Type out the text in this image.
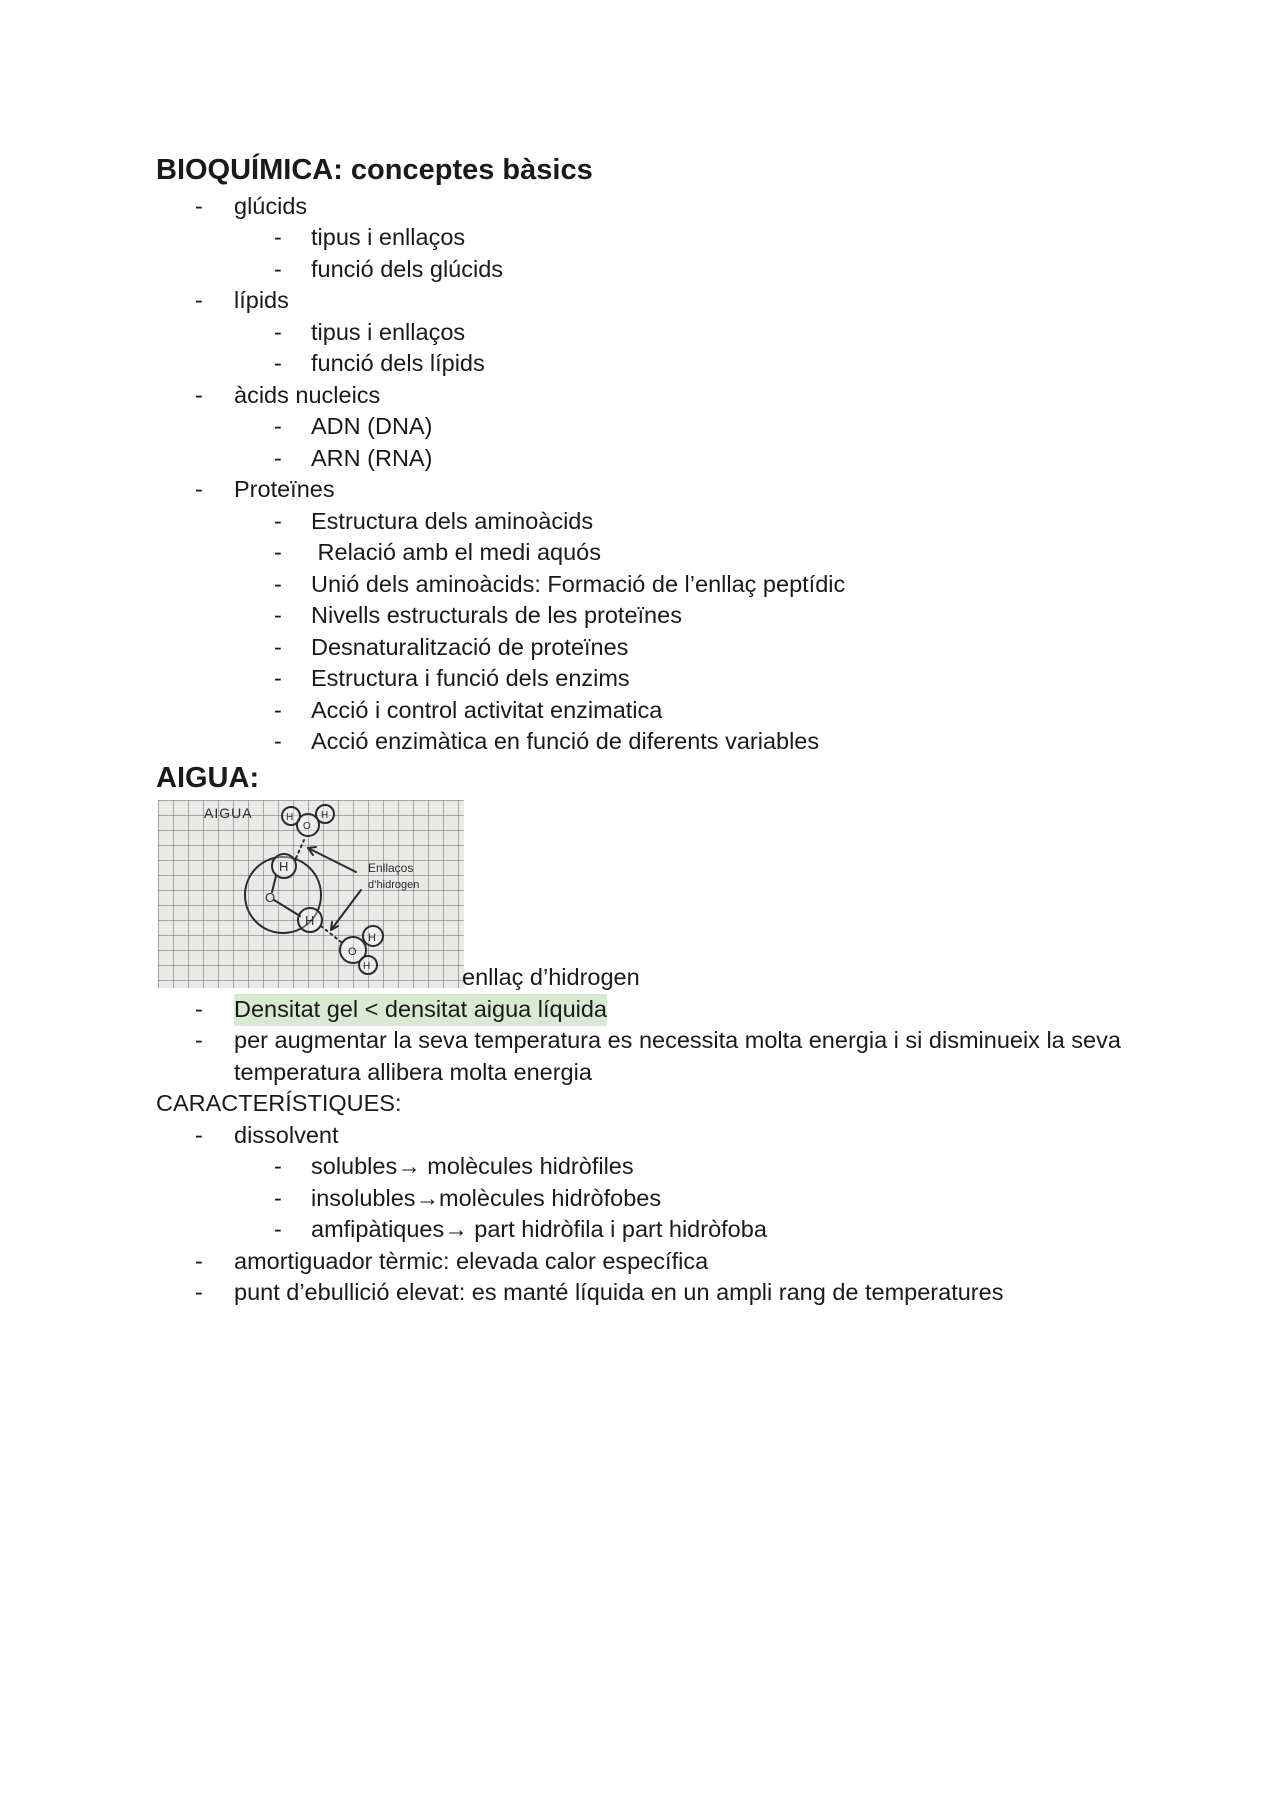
BIOQUÍMICA: conceptes bàsics
- glúcids
- tipus i enllaços
- funció dels glúcids
- lípids
- tipus i enllaços
- funció dels lípids
- àcids nucleics
- ADN (DNA)
- ARN (RNA)
- Proteïnes
- Estructura dels aminoàcids
- Relació amb el medi aquós
- Unió dels aminoàcids: Formació de l’enllaç peptídic
- Nivells estructurals de les proteïnes
- Desnaturalització de proteïnes
- Estructura i funció dels enzims
- Acció i control activitat enzimatica
- Acció enzimàtica en funció de diferents variables
AIGUA:
AIGUA
Enllaços
d’hidrogen
H
O
H
O
H	H
O
H
H	enllaç d’hidrogen
- Densitat gel < densitat aigua líquida
- per augmentar la seva temperatura es necessita molta energia i si disminueix la seva temperatura allibera molta energia
CARACTERÍSTIQUES:
- dissolvent
- solubles→ molècules hidròfiles
- insolubles→molècules hidròfobes
- amfipàtiques→ part hidròfila i part hidròfoba
- amortiguador tèrmic: elevada calor específica
- punt d’ebullició elevat: es manté líquida en un ampli rang de temperatures
